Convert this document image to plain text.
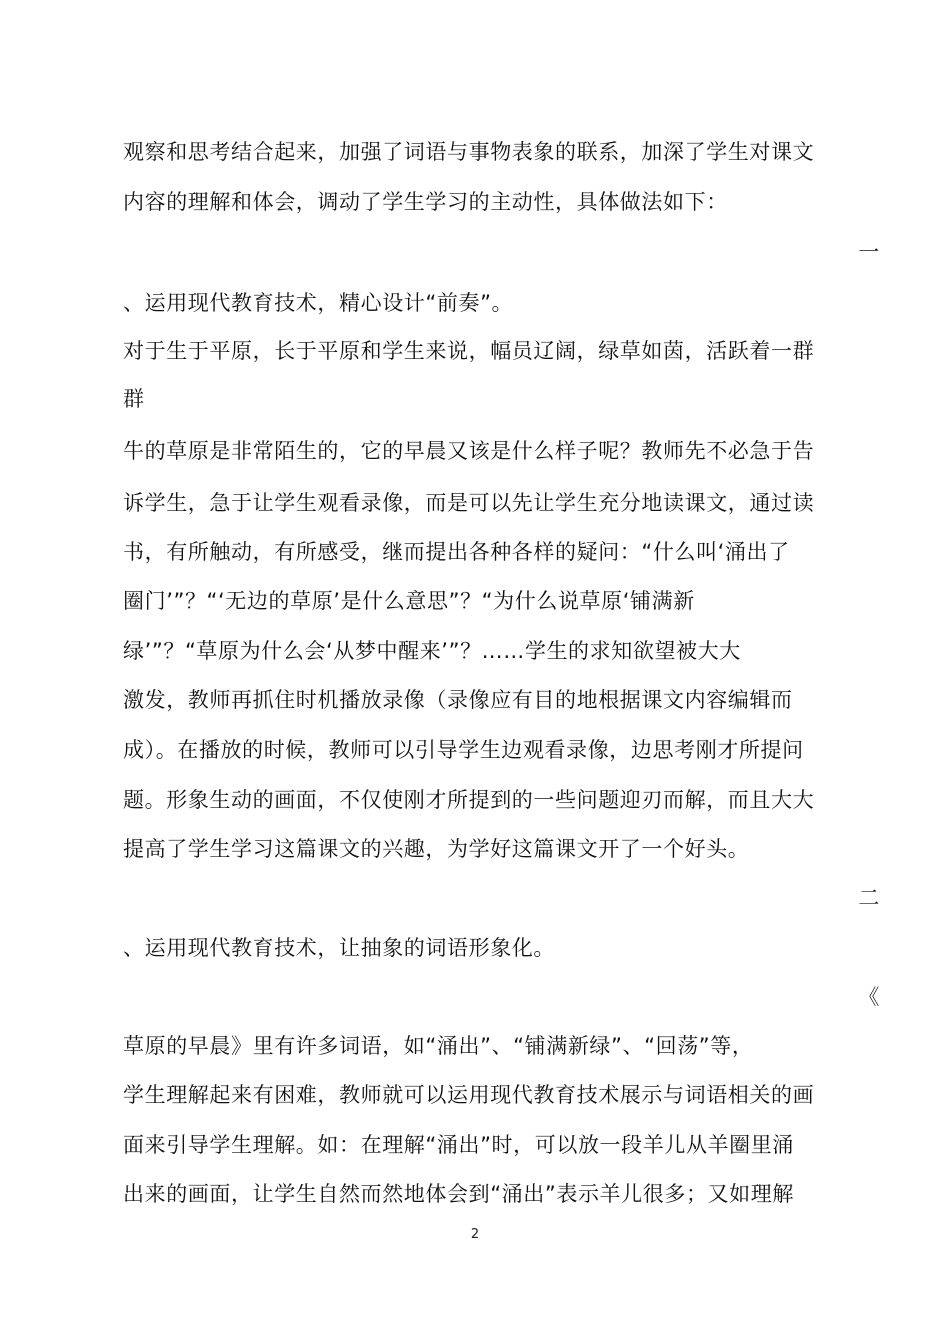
观察和思考结合起来，加强了词语与事物表象的联系，加深了学生对课文
内容的理解和体会，调动了学生学习的主动性，具体做法如下：
一
、运用现代教育技术，精心设计“前奏”。
对于生于平原，长于平原和学生来说，幅员辽阔，绿草如茵，活跃着一群
群
牛的草原是非常陌生的，它的早晨又该是什么样子呢？教师先不必急于告
诉学生，急于让学生观看录像，而是可以先让学生充分地读课文，通过读
书，有所触动，有所感受，继而提出各种各样的疑问：“什么叫‘涌出了
圈门’”？“‘无边的草原’是什么意思”？“为什么说草原‘铺满新
绿’”？“草原为什么会‘从梦中醒来’”？……学生的求知欲望被大大
激发，教师再抓住时机播放录像（录像应有目的地根据课文内容编辑而
成）。在播放的时候，教师可以引导学生边观看录像，边思考刚才所提问
题。形象生动的画面，不仅使刚才所提到的一些问题迎刃而解，而且大大
提高了学生学习这篇课文的兴趣，为学好这篇课文开了一个好头。
二
、运用现代教育技术，让抽象的词语形象化。
《
草原的早晨》里有许多词语，如“涌出”、“铺满新绿”、“回荡”等，
学生理解起来有困难，教师就可以运用现代教育技术展示与词语相关的画
面来引导学生理解。如：在理解“涌出”时，可以放一段羊儿从羊圈里涌
出来的画面，让学生自然而然地体会到“涌出”表示羊儿很多；又如理解
2
